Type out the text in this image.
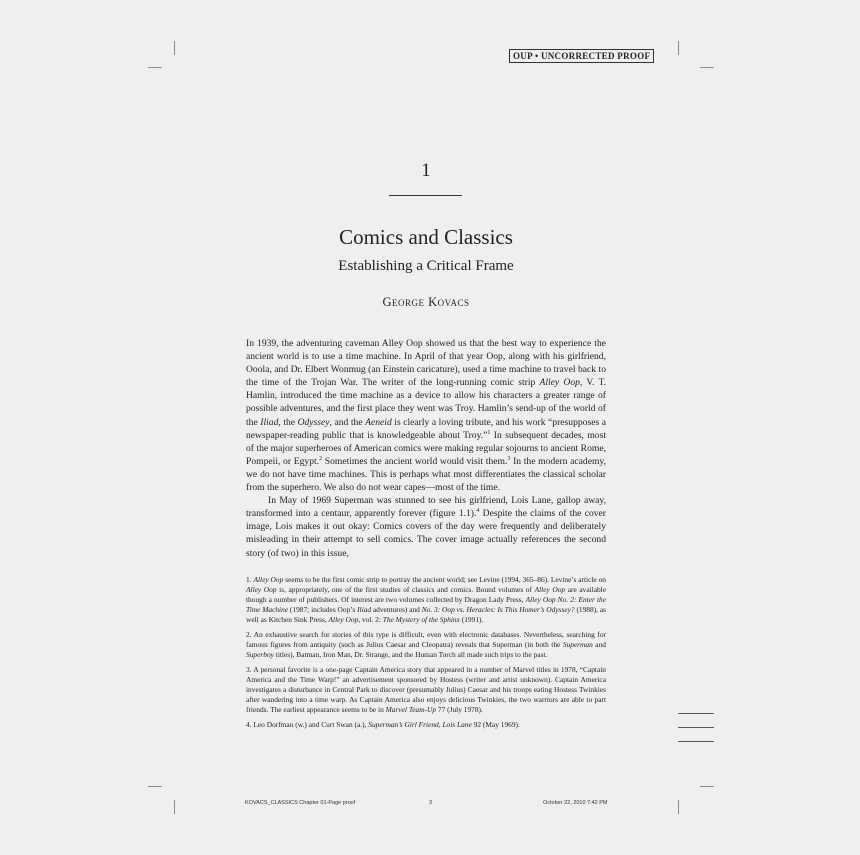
OUP • UNCORRECTED PROOF
1
Comics and Classics
Establishing a Critical Frame
George Kovacs

In 1939, the adventuring caveman Alley Oop showed us that the best way to experience the ancient world is to use a time machine. In April of that year Oop, along with his girlfriend, Ooola, and Dr. Elbert Wonmug (an Einstein caricature), used a time machine to travel back to the time of the Trojan War. The writer of the long-running comic strip Alley Oop, V. T. Hamlin, introduced the time machine as a device to allow his characters a greater range of possible adventures, and the first place they went was Troy. Hamlin’s send-up of the world of the Iliad, the Odyssey, and the Aeneid is clearly a loving tribute, and his work “presupposes a newspaper-reading public that is knowledgeable about Troy.”$^1$ In subsequent decades, most of the major superheroes of American comics were making regular sojourns to ancient Rome, Pompeii, or Egypt.$^2$ Sometimes the ancient world would visit them.$^3$ In the modern academy, we do not have time machines. This is perhaps what most differentiates the classical scholar from the superhero. We also do not wear capes—most of the time.

In May of 1969 Superman was stunned to see his girlfriend, Lois Lane, gallop away, transformed into a centaur, apparently forever (figure 1.1).$^4$ Despite the claims of the cover image, Lois makes it out okay: Comics covers of the day were frequently and deliberately misleading in their attempt to sell comics. The cover image actually references the second story (of two) in this issue,

1. Alley Oop seems to be the first comic strip to portray the ancient world; see Levine (1994, 365–86). Levine’s article on Alley Oop is, appropriately, one of the first studies of classics and comics. Bound volumes of Alley Oop are available though a number of publishers. Of interest are two volumes collected by Dragon Lady Press, Alley Oop No. 2: Enter the Time Machine (1987; includes Oop’s Iliad adventures) and No. 3: Oop vs. Heracles: Is This Homer’s Odyssey? (1988), as well as Kitchen Sink Press, Alley Oop, vol. 2: The Mystery of the Sphinx (1991).

2. An exhaustive search for stories of this type is difficult, even with electronic databases. Nevertheless, searching for famous figures from antiquity (such as Julius Caesar and Cleopatra) reveals that Superman (in both the Superman and Superboy titles), Batman, Iron Man, Dr. Strange, and the Human Torch all made such trips to the past.

3. A personal favorite is a one-page Captain America story that appeared in a number of Marvel titles in 1978, “Captain America and the Time Warp!” an advertisement sponsored by Hostess (writer and artist unknown). Captain America investigates a disturbance in Central Park to discover (presumably Julius) Caesar and his troops eating Hostess Twinkies after wandering into a time warp. As Captain America also enjoys delicious Twinkies, the two warriors are able to part friends. The earliest appearance seems to be in Marvel Team-Up 77 (July 1978).

4. Leo Dorfman (w.) and Curt Swan (a.), Superman’s Girl Friend, Lois Lane 92 (May 1969).

KOVACS_CLASSICS Chapter 01-Page proof	3	October 22, 2010 7:42 PM
